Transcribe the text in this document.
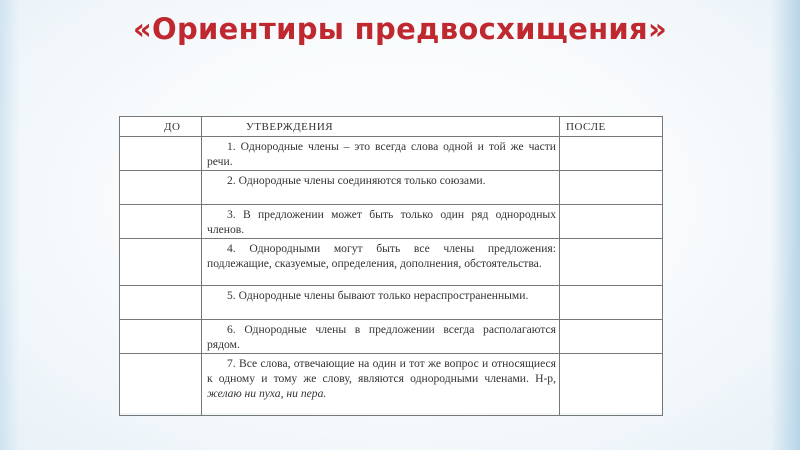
«Ориентиры предвосхищения»
ДО	УТВЕРЖДЕНИЯ	ПОСЛЕ
	1. Однородные члены – это всегда слова одной и той же части речи.	
	2. Однородные члены соединяются только союзами.	
	3. В предложении может быть только один ряд однородных членов.	
	4. Однородными могут быть все члены предложения: подлежащие, сказуемые, определения, дополнения, обстоятельства.	
	5. Однородные члены бывают только нераспространенными.	
	6. Однородные члены в предложении всегда располагаются рядом.	
	7. Все слова, отвечающие на один и тот же вопрос и относящиеся к одному и тому же слову, являются однородными членами. Н-р, желаю ни пуха, ни пера.	
